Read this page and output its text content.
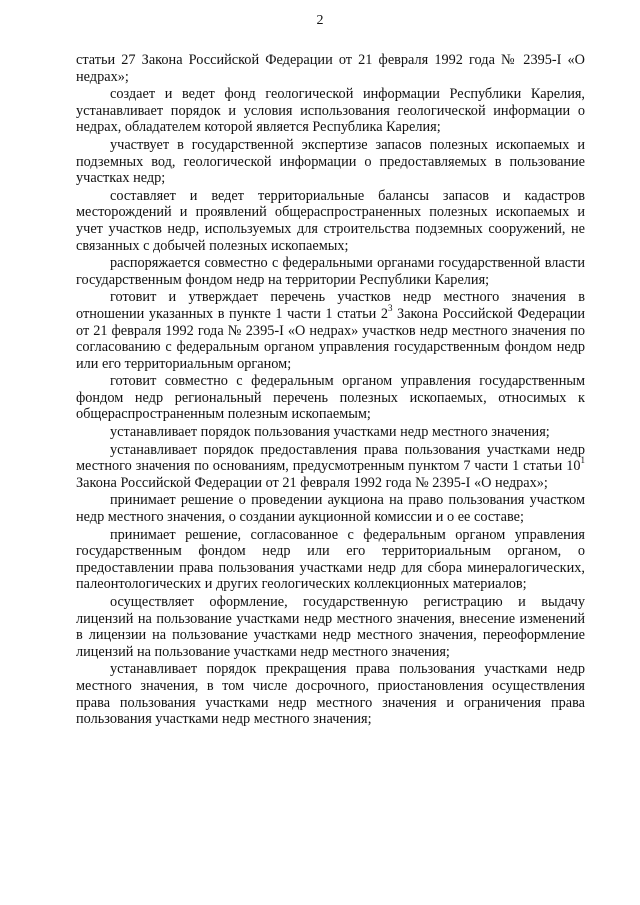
2

статьи 27 Закона Российской Федерации от 21 февраля 1992 года № 2395-I «О недрах»;

создает и ведет фонд геологической информации Республики Карелия, устанавливает порядок и условия использования геологической информации о недрах, обладателем которой является Республика Карелия;

участвует в государственной экспертизе запасов полезных ископаемых и подземных вод, геологической информации о предоставляемых в пользование участках недр;

составляет и ведет территориальные балансы запасов и кадастров месторождений и проявлений общераспространенных полезных ископаемых и учет участков недр, используемых для строительства подземных сооружений, не связанных с добычей полезных ископаемых;

распоряжается совместно с федеральными органами государственной власти государственным фондом недр на территории Республики Карелия;

готовит и утверждает перечень участков недр местного значения в отношении указанных в пункте 1 части 1 статьи $2^3$ Закона Российской Федерации от 21 февраля 1992 года № 2395-I «О недрах» участков недр местного значения по согласованию с федеральным органом управления государственным фондом недр или его территориальным органом;

готовит совместно с федеральным органом управления государственным фондом недр региональный перечень полезных ископаемых, относимых к общераспространенным полезным ископаемым;

устанавливает порядок пользования участками недр местного значения;

устанавливает порядок предоставления права пользования участками недр местного значения по основаниям, предусмотренным пунктом 7 части 1 статьи $10^1$ Закона Российской Федерации от 21 февраля 1992 года № 2395-I «О недрах»;

принимает решение о проведении аукциона на право пользования участком недр местного значения, о создании аукционной комиссии и о ее составе;

принимает решение, согласованное с федеральным органом управления государственным фондом недр или его территориальным органом, о предоставлении права пользования участками недр для сбора минералогических, палеонтологических и других геологических коллекционных материалов;

осуществляет оформление, государственную регистрацию и выдачу лицензий на пользование участками недр местного значения, внесение изменений в лицензии на пользование участками недр местного значения, переоформление лицензий на пользование участками недр местного значения;

устанавливает порядок прекращения права пользования участками недр местного значения, в том числе досрочного, приостановления осуществления права пользования участками недр местного значения и ограничения права пользования участками недр местного значения;
